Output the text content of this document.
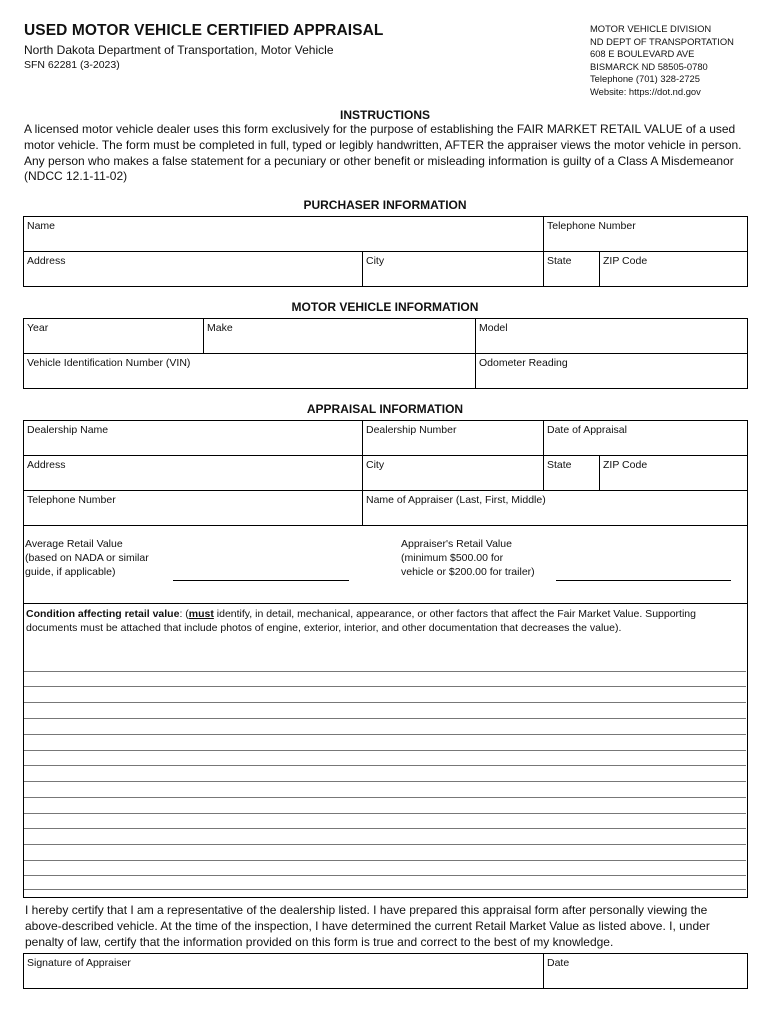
USED MOTOR VEHICLE CERTIFIED APPRAISAL
North Dakota Department of Transportation, Motor Vehicle
SFN 62281 (3-2023)
MOTOR VEHICLE DIVISION
ND DEPT OF TRANSPORTATION
608 E BOULEVARD AVE
BISMARCK ND 58505-0780
Telephone (701) 328-2725
Website: https://dot.nd.gov
INSTRUCTIONS
A licensed motor vehicle dealer uses this form exclusively for the purpose of establishing the FAIR MARKET RETAIL VALUE of a used motor vehicle. The form must be completed in full, typed or legibly handwritten, AFTER the appraiser views the motor vehicle in person. Any person who makes a false statement for a pecuniary or other benefit or misleading information is guilty of a Class A Misdemeanor (NDCC 12.1-11-02)
PURCHASER INFORMATION
Name	Telephone Number
Address	City	State	ZIP Code
MOTOR VEHICLE INFORMATION
Year	Make	Model
Vehicle Identification Number (VIN)	Odometer Reading
APPRAISAL INFORMATION
Dealership Name	Dealership Number	Date of Appraisal
Address	City	State	ZIP Code
Telephone Number	Name of Appraiser (Last, First, Middle)
Average Retail Value
(based on NADA or similar
guide, if applicable)
Appraiser's Retail Value
(minimum $500.00 for
vehicle or $200.00 for trailer)
Condition affecting retail value: (must identify, in detail, mechanical, appearance, or other factors that affect the Fair Market Value. Supporting documents must be attached that include photos of engine, exterior, interior, and other documentation that decreases the value).
I hereby certify that I am a representative of the dealership listed. I have prepared this appraisal form after personally viewing the above-described vehicle. At the time of the inspection, I have determined the current Retail Market Value as listed above. I, under penalty of law, certify that the information provided on this form is true and correct to the best of my knowledge.
Signature of Appraiser	Date
